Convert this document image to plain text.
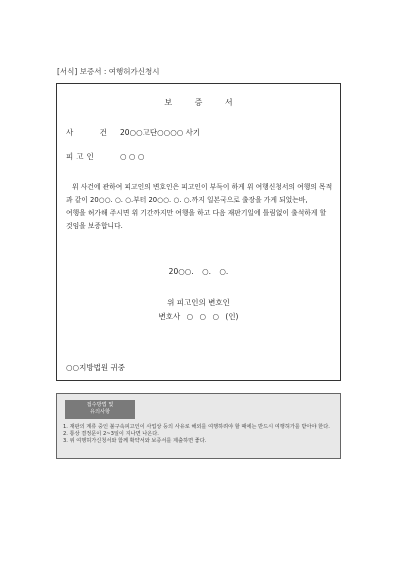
[서식] 보증서 : 여행허가신청시
보 증 서
사 건20○○고단○○○○ 사기
피고인	○ ○ ○

위 사건에 관하여 피고인의 변호인은 피고인이 부득이 하게 위 여행신청서의 여행의 목적과 같이 20○○. ○. ○.부터 20○○. ○. ○.까지 일본국으로 출장을 가게 되었는바,

여행을 허가해 주시면 위 기간까지만 여행을 하고 다음 재판기일에 틀림없이 출석하게 할 것임을 보증합니다.

20○○. ○. ○.
위 피고인의 변호인
변호사 ○ ○ ○ (인)
○○지방법원 귀중
접수방법 및
유의사항
1. 재판의 계류 중인 불구속피고인이 사업상 등의 사유로 해외를 여행하려야 할 때에는 반드시 여행허가를 받아야 한다.
2. 통상 결정문이 2~3일이 지나면 나온다.
3. 위 여행허가신청서와 함께 확약서와 보증서를 제출하면 좋다.
